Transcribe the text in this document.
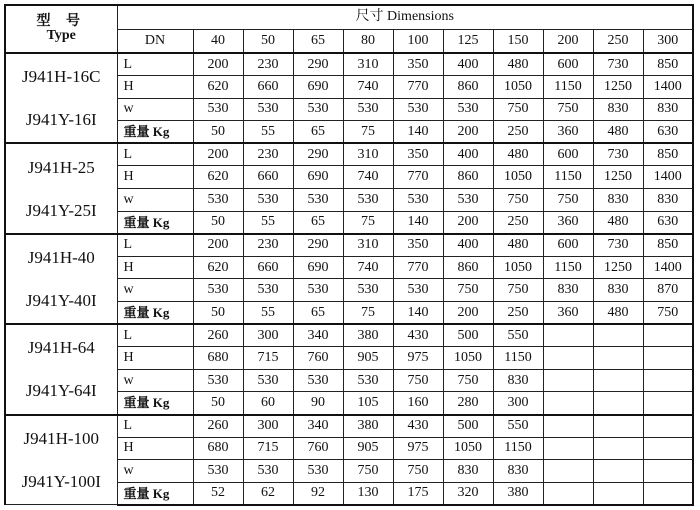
型 号
Type	尺寸 Dimensions										
	DN	40	50	65	80	100	125	150	200	250	300

J941H-16C
J941Y-16I	L	200	230	290	310	350	400	480	600	730	850
	H	620	660	690	740	770	860	1050	1150	1250	1400
	w	530	530	530	530	530	530	750	750	830	830
	重量 Kg	50	55	65	75	140	200	250	360	480	630

J941H-25
J941Y-25I	L	200	230	290	310	350	400	480	600	730	850
	H	620	660	690	740	770	860	1050	1150	1250	1400
	w	530	530	530	530	530	530	750	750	830	830
	重量 Kg	50	55	65	75	140	200	250	360	480	630

J941H-40
J941Y-40I	L	200	230	290	310	350	400	480	600	730	850
	H	620	660	690	740	770	860	1050	1150	1250	1400
	w	530	530	530	530	530	750	750	830	830	870
	重量 Kg	50	55	65	75	140	200	250	360	480	750

J941H-64
J941Y-64I	L	260	300	340	380	430	500	550			
	H	680	715	760	905	975	1050	1150			
	w	530	530	530	530	750	750	830			
	重量 Kg	50	60	90	105	160	280	300			

J941H-100
J941Y-100I	L	260	300	340	380	430	500	550			
	H	680	715	760	905	975	1050	1150			
	w	530	530	530	750	750	830	830			
	重量 Kg	52	62	92	130	175	320	380			
